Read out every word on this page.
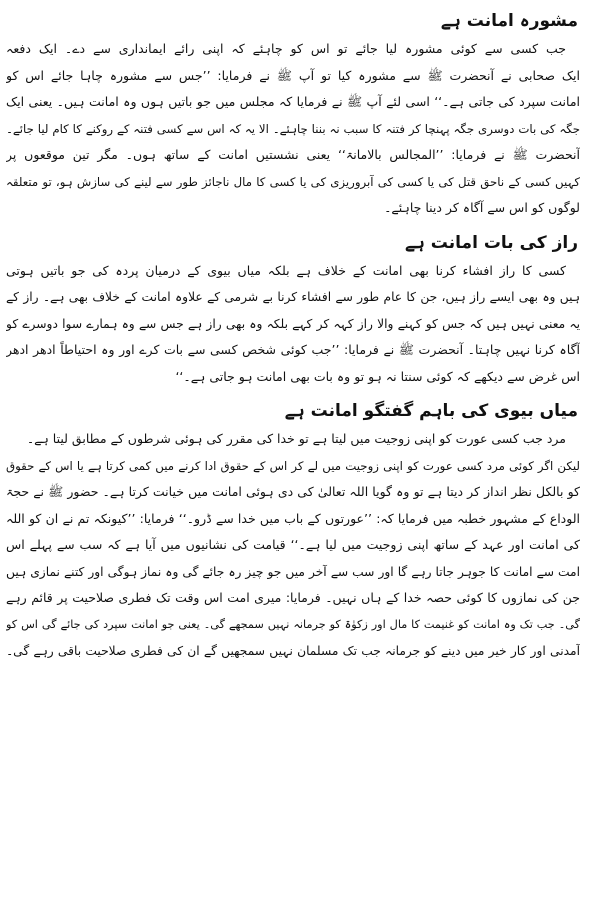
مشورہ امانت ہے
جب کسی سے کوئی مشورہ لیا جائے تو اس کو چاہئے کہ اپنی رائے ایمانداری سے دے۔ ایک دفعہ
ایک صحابی نے آنحضرت ﷺ سے مشورہ کیا تو آپ ﷺ نے فرمایا: ’’جس سے مشورہ چاہا جائے اس کو
امانت سپرد کی جاتی ہے۔‘‘ اسی لئے آپ ﷺ نے فرمایا کہ مجلس میں جو باتیں ہوں وہ امانت ہیں۔ یعنی ایک
جگہ کی بات دوسری جگہ پہنچا کر فتنہ کا سبب نہ بننا چاہئے۔ الا یہ کہ اس سے کسی فتنہ کے روکنے کا کام لیا جائے۔
آنحضرت ﷺ نے فرمایا: ’’المجالس بالامانۃ‘‘ یعنی نشستیں امانت کے ساتھ ہوں۔ مگر تین موقعوں پر
کہیں کسی کے ناحق قتل کی یا کسی کی آبروریزی کی یا کسی کا مال ناجائز طور سے لینے کی سازش ہو، تو متعلقہ
لوگوں کو اس سے آگاہ کر دینا چاہئے۔
راز کی بات امانت ہے
کسی کا راز افشاء کرنا بھی امانت کے خلاف ہے بلکہ میاں بیوی کے درمیان پردہ کی جو باتیں ہوتی
ہیں وہ بھی ایسے راز ہیں، جن کا عام طور سے افشاء کرنا بے شرمی کے علاوہ امانت کے خلاف بھی ہے۔ راز کے
یہ معنی نہیں ہیں کہ جس کو کہنے والا راز کہہ کر کہے بلکہ وہ بھی راز ہے جس سے وہ ہمارے سوا دوسرے کو
آگاہ کرنا نہیں چاہتا۔ آنحضرت ﷺ نے فرمایا: ’’جب کوئی شخص کسی سے بات کرے اور وہ احتیاطاً ادھر ادھر
اس غرض سے دیکھے کہ کوئی سنتا نہ ہو تو وہ بات بھی امانت ہو جاتی ہے۔‘‘
میاں بیوی کی باہم گفتگو امانت ہے
مرد جب کسی عورت کو اپنی زوجیت میں لیتا ہے تو خدا کی مقرر کی ہوئی شرطوں کے مطابق لیتا ہے۔
لیکن اگر کوئی مرد کسی عورت کو اپنی زوجیت میں لے کر اس کے حقوق ادا کرنے میں کمی کرتا ہے یا اس کے حقوق
کو بالکل نظر انداز کر دیتا ہے تو وہ گویا اللہ تعالیٰ کی دی ہوئی امانت میں خیانت کرتا ہے۔ حضور ﷺ نے حجۃ
الوداع کے مشہور خطبہ میں فرمایا کہ: ’’عورتوں کے باب میں خدا سے ڈرو۔‘‘ فرمایا: ’’کیونکہ تم نے ان کو اللہ
کی امانت اور عہد کے ساتھ اپنی زوجیت میں لیا ہے۔‘‘ قیامت کی نشانیوں میں آیا ہے کہ سب سے پہلے اس
امت سے امانت کا جوہر جاتا رہے گا اور سب سے آخر میں جو چیز رہ جائے گی وہ نماز ہوگی اور کتنے نمازی ہیں
جن کی نمازوں کا کوئی حصہ خدا کے ہاں نہیں۔ فرمایا: میری امت اس وقت تک فطری صلاحیت پر قائم رہے
گی۔ جب تک وہ امانت کو غنیمت کا مال اور زکوٰۃ کو جرمانہ نہیں سمجھے گی۔ یعنی جو امانت سپرد کی جائے گی اس کو
آمدنی اور کار خیر میں دینے کو جرمانہ جب تک مسلمان نہیں سمجھیں گے ان کی فطری صلاحیت باقی رہے گی۔
